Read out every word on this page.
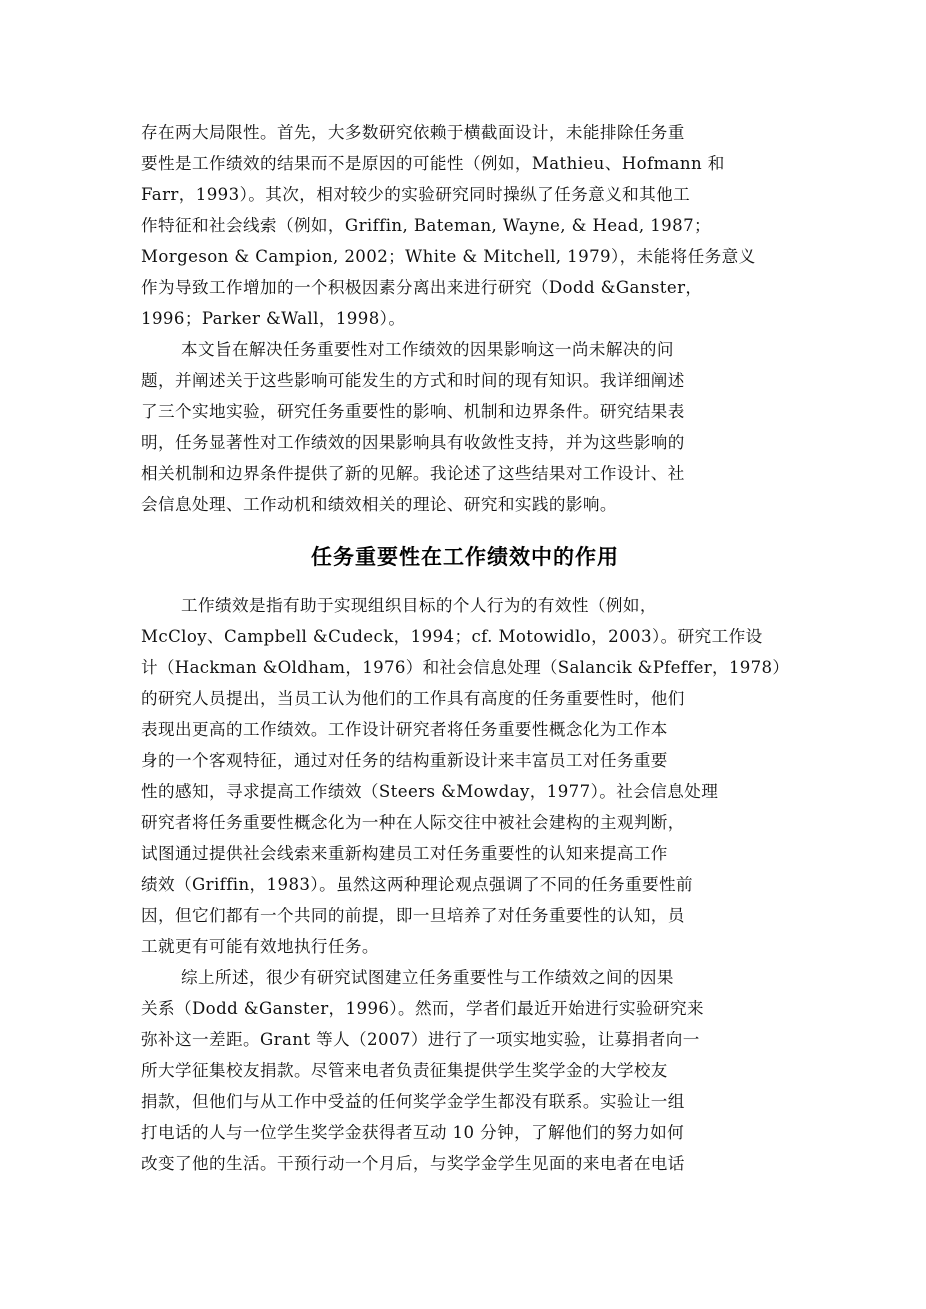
存在两大局限性。首先，大多数研究依赖于横截面设计，未能排除任务重
要性是工作绩效的结果而不是原因的可能性（例如，Mathieu、Hofmann 和
Farr，1993）。其次，相对较少的实验研究同时操纵了任务意义和其他工
作特征和社会线索（例如，Griffin, Bateman, Wayne, & Head, 1987；
Morgeson & Campion, 2002；White & Mitchell, 1979），未能将任务意义
作为导致工作增加的一个积极因素分离出来进行研究（Dodd &Ganster，
1996；Parker &Wall，1998）。

本文旨在解决任务重要性对工作绩效的因果影响这一尚未解决的问
题，并阐述关于这些影响可能发生的方式和时间的现有知识。我详细阐述
了三个实地实验，研究任务重要性的影响、机制和边界条件。研究结果表
明，任务显著性对工作绩效的因果影响具有收敛性支持，并为这些影响的
相关机制和边界条件提供了新的见解。我论述了这些结果对工作设计、社
会信息处理、工作动机和绩效相关的理论、研究和实践的影响。

任务重要性在工作绩效中的作用

工作绩效是指有助于实现组织目标的个人行为的有效性（例如，
McCloy、Campbell &Cudeck，1994；cf. Motowidlo，2003）。研究工作设
计（Hackman &Oldham，1976）和社会信息处理（Salancik &Pfeffer，1978）
的研究人员提出，当员工认为他们的工作具有高度的任务重要性时，他们
表现出更高的工作绩效。工作设计研究者将任务重要性概念化为工作本
身的一个客观特征，通过对任务的结构重新设计来丰富员工对任务重要
性的感知，寻求提高工作绩效（Steers &Mowday，1977）。社会信息处理
研究者将任务重要性概念化为一种在人际交往中被社会建构的主观判断，
试图通过提供社会线索来重新构建员工对任务重要性的认知来提高工作
绩效（Griffin，1983）。虽然这两种理论观点强调了不同的任务重要性前
因，但它们都有一个共同的前提，即一旦培养了对任务重要性的认知，员
工就更有可能有效地执行任务。

综上所述，很少有研究试图建立任务重要性与工作绩效之间的因果
关系（Dodd &Ganster，1996）。然而，学者们最近开始进行实验研究来
弥补这一差距。Grant 等人（2007）进行了一项实地实验，让募捐者向一
所大学征集校友捐款。尽管来电者负责征集提供学生奖学金的大学校友
捐款，但他们与从工作中受益的任何奖学金学生都没有联系。实验让一组
打电话的人与一位学生奖学金获得者互动 10 分钟，了解他们的努力如何
改变了他的生活。干预行动一个月后，与奖学金学生见面的来电者在电话
